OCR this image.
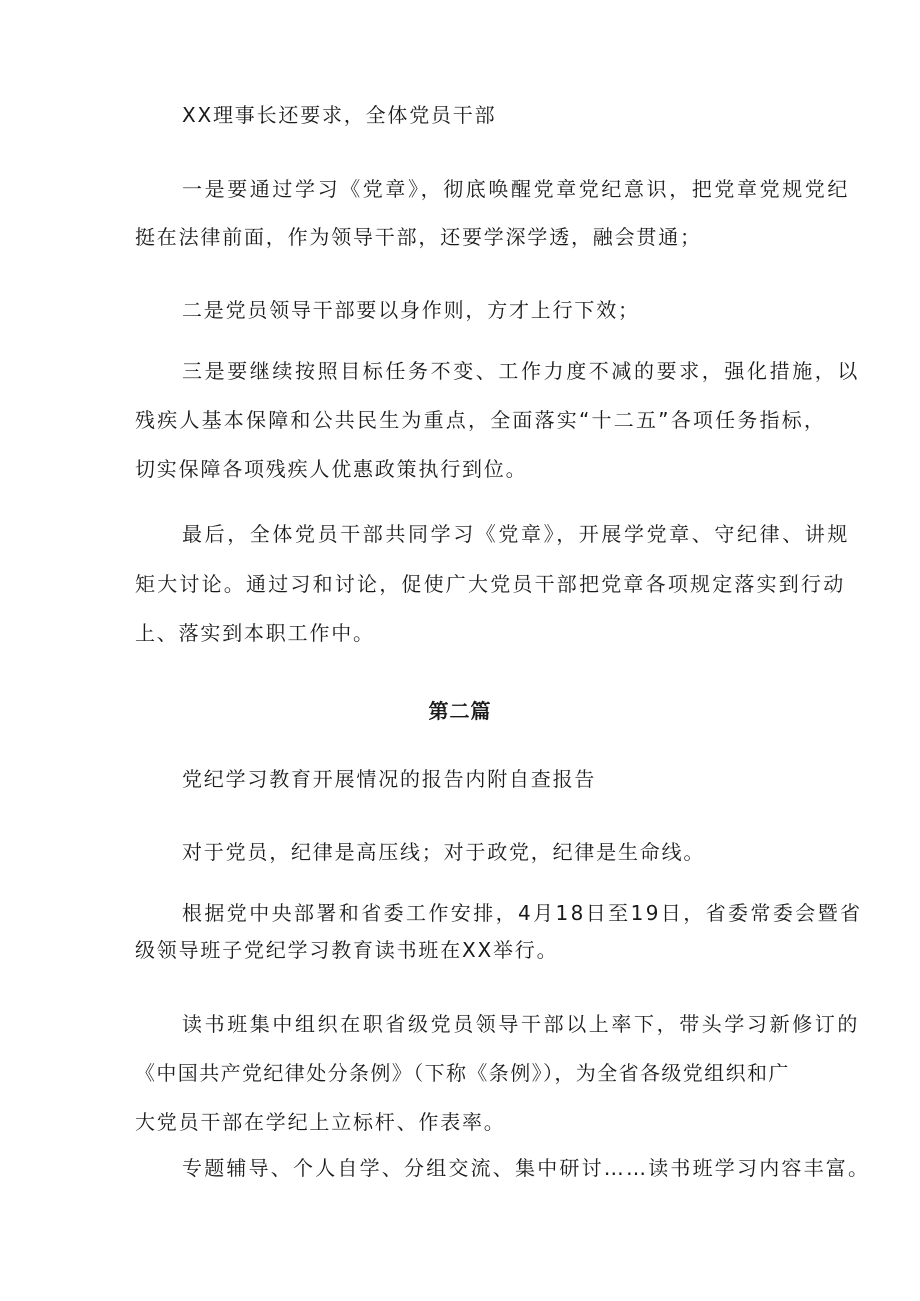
XX理事长还要求，全体党员干部
一是要通过学习《党章》，彻底唤醒党章党纪意识，把党章党规党纪
挺在法律前面，作为领导干部，还要学深学透，融会贯通；
二是党员领导干部要以身作则，方才上行下效；
三是要继续按照目标任务不变、工作力度不减的要求，强化措施，以
残疾人基本保障和公共民生为重点，全面落实“十二五”各项任务指标，
切实保障各项残疾人优惠政策执行到位。
最后，全体党员干部共同学习《党章》，开展学党章、守纪律、讲规
矩大讨论。通过习和讨论，促使广大党员干部把党章各项规定落实到行动
上、落实到本职工作中。
第二篇
党纪学习教育开展情况的报告内附自查报告
对于党员，纪律是高压线；对于政党，纪律是生命线。
根据党中央部署和省委工作安排，4月18日至19日，省委常委会暨省
级领导班子党纪学习教育读书班在XX举行。
读书班集中组织在职省级党员领导干部以上率下，带头学习新修订的
《中国共产党纪律处分条例》（下称《条例》），为全省各级党组织和广
大党员干部在学纪上立标杆、作表率。
专题辅导、个人自学、分组交流、集中研讨……读书班学习内容丰富。
